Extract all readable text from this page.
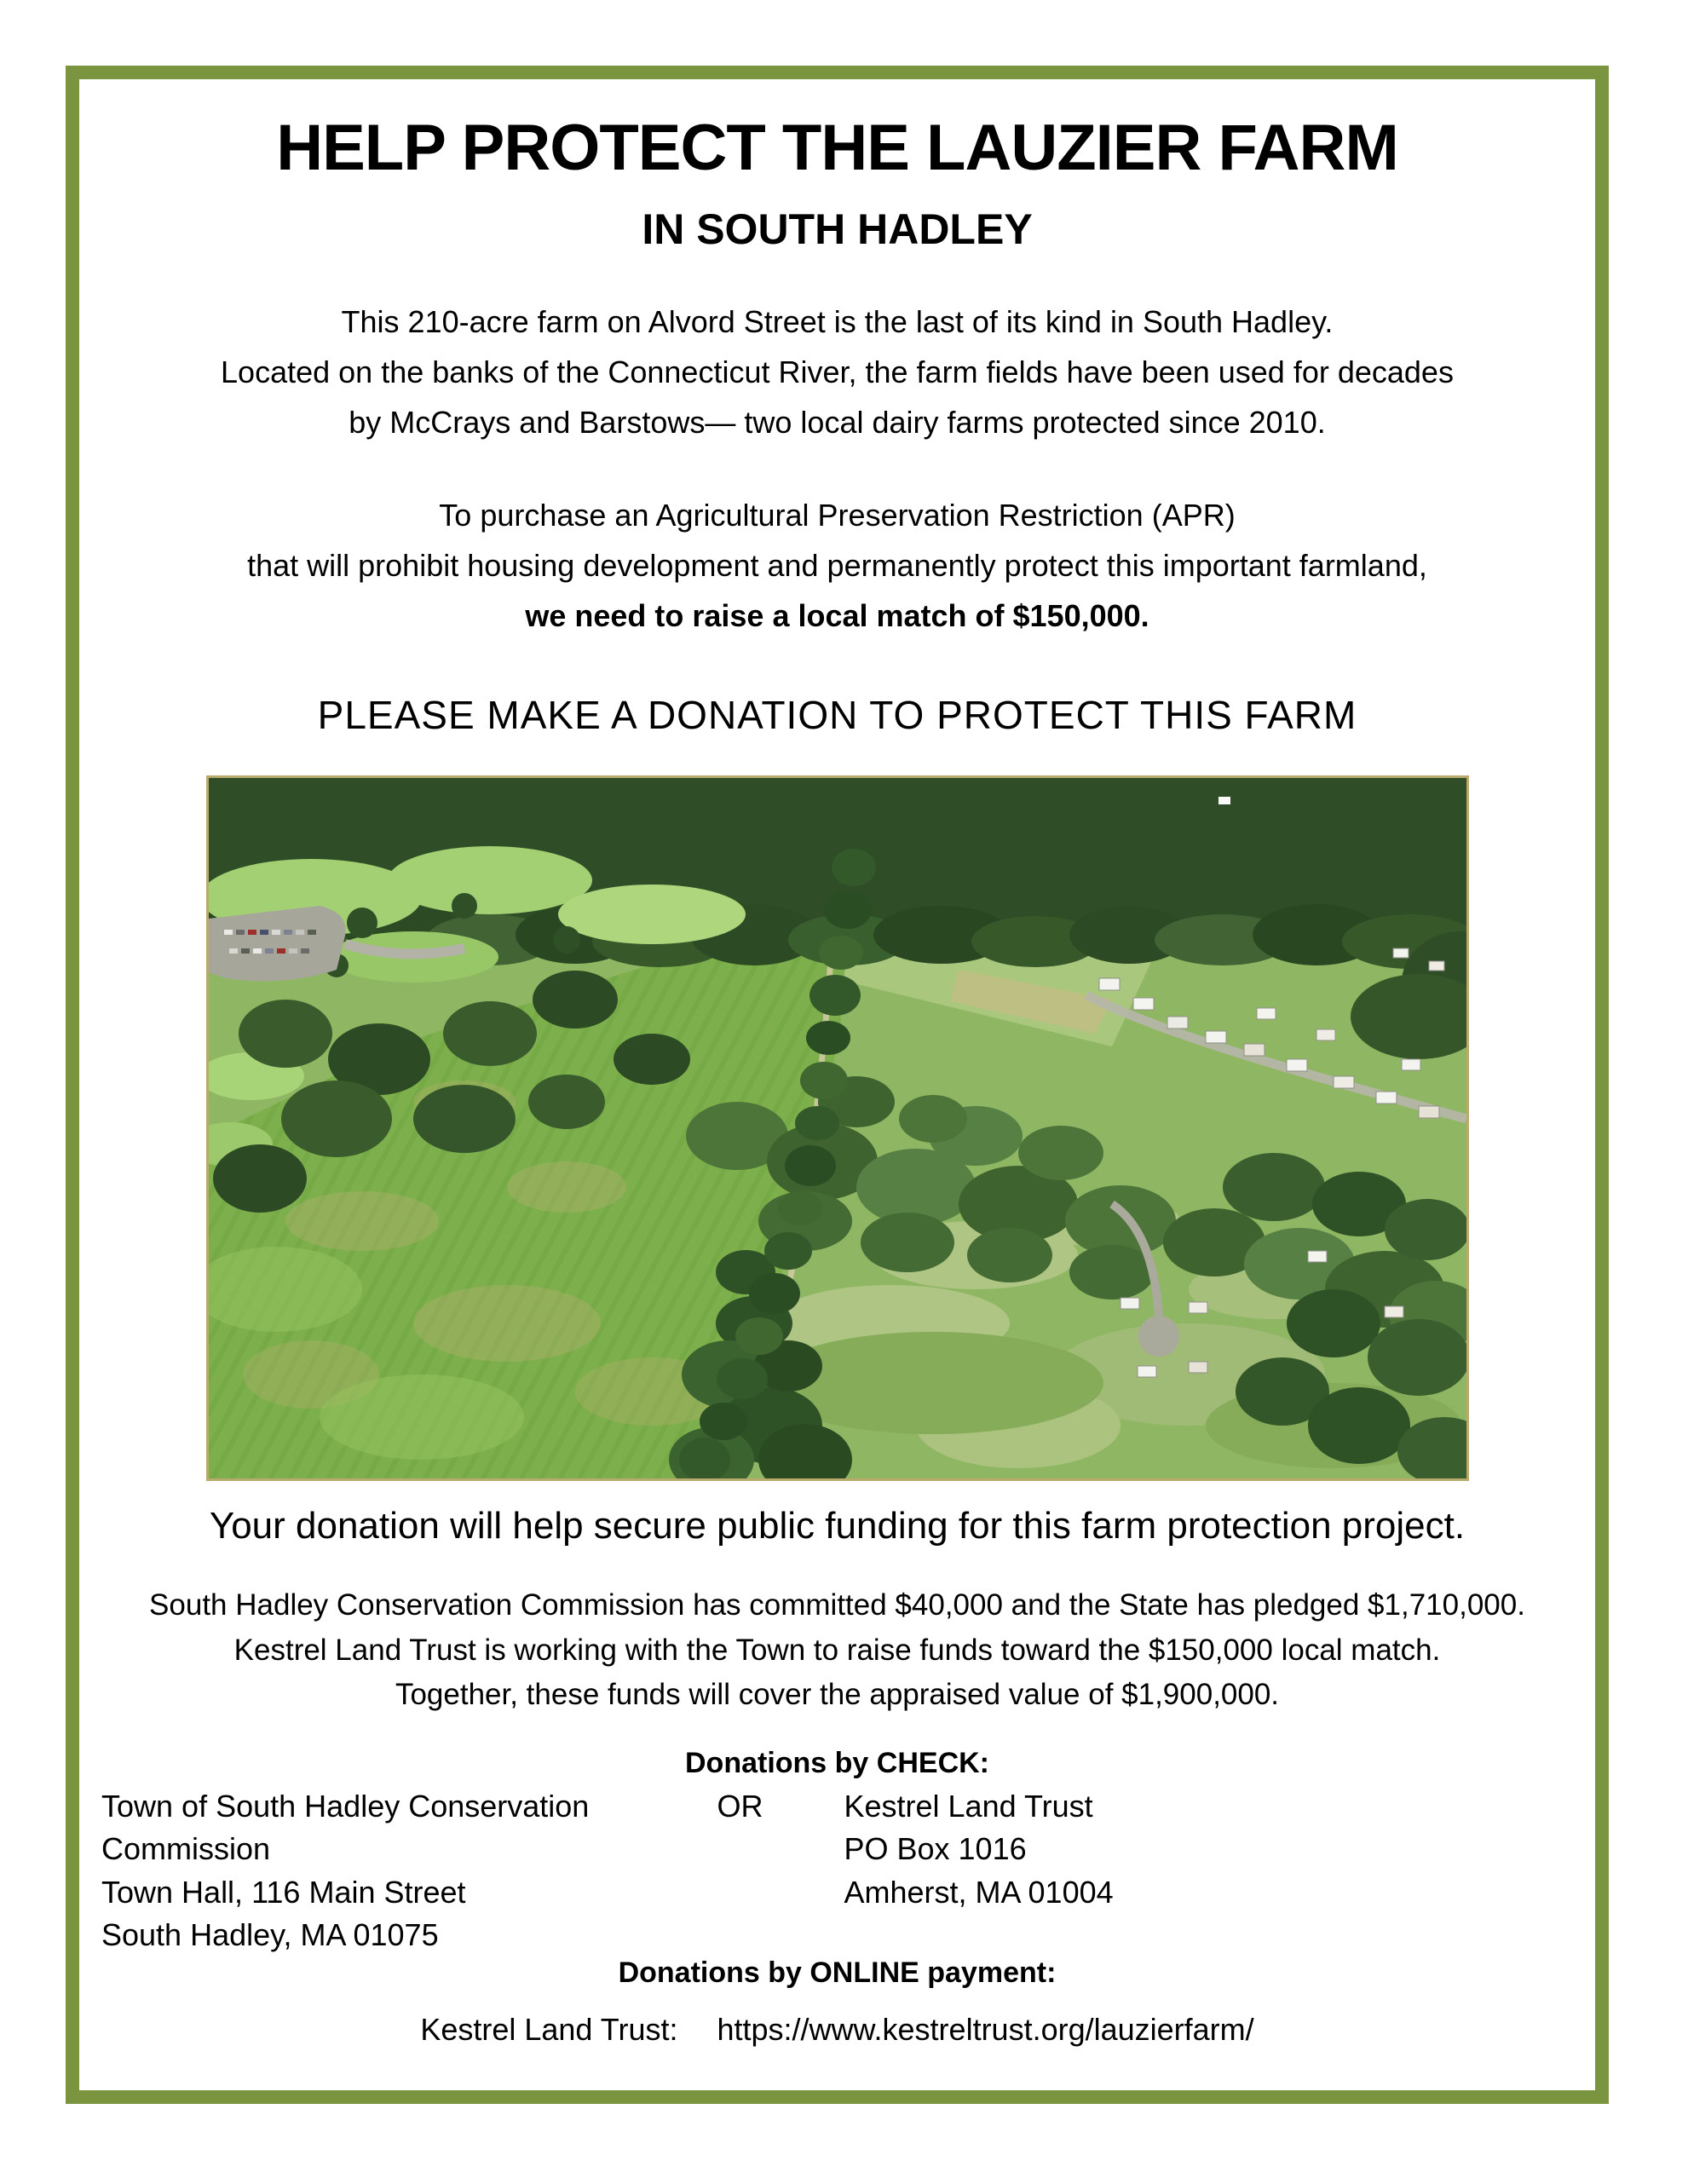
HELP PROTECT THE LAUZIER FARM
IN SOUTH HADLEY
This 210-acre farm on Alvord Street is the last of its kind in South Hadley.
Located on the banks of the Connecticut River, the farm fields have been used for decades
by McCrays and Barstows— two local dairy farms protected since 2010.
To purchase an Agricultural Preservation Restriction (APR)
that will prohibit housing development and permanently protect this important farmland,
we need to raise a local match of $150,000.
PLEASE MAKE A DONATION TO PROTECT THIS FARM
Your donation will help secure public funding for this farm protection project.
South Hadley Conservation Commission has committed $40,000 and the State has pledged $1,710,000.
Kestrel Land Trust is working with the Town to raise funds toward the $150,000 local match.
Together, these funds will cover the appraised value of $1,900,000.
Donations by CHECK:
Town of South Hadley Conservation Commission
Town Hall, 116 Main Street
South Hadley, MA 01075
OR	Kestrel Land Trust
PO Box 1016
Amherst, MA 01004
Donations by ONLINE payment:
Kestrel Land Trust: https://www.kestreltrust.org/lauzierfarm/
